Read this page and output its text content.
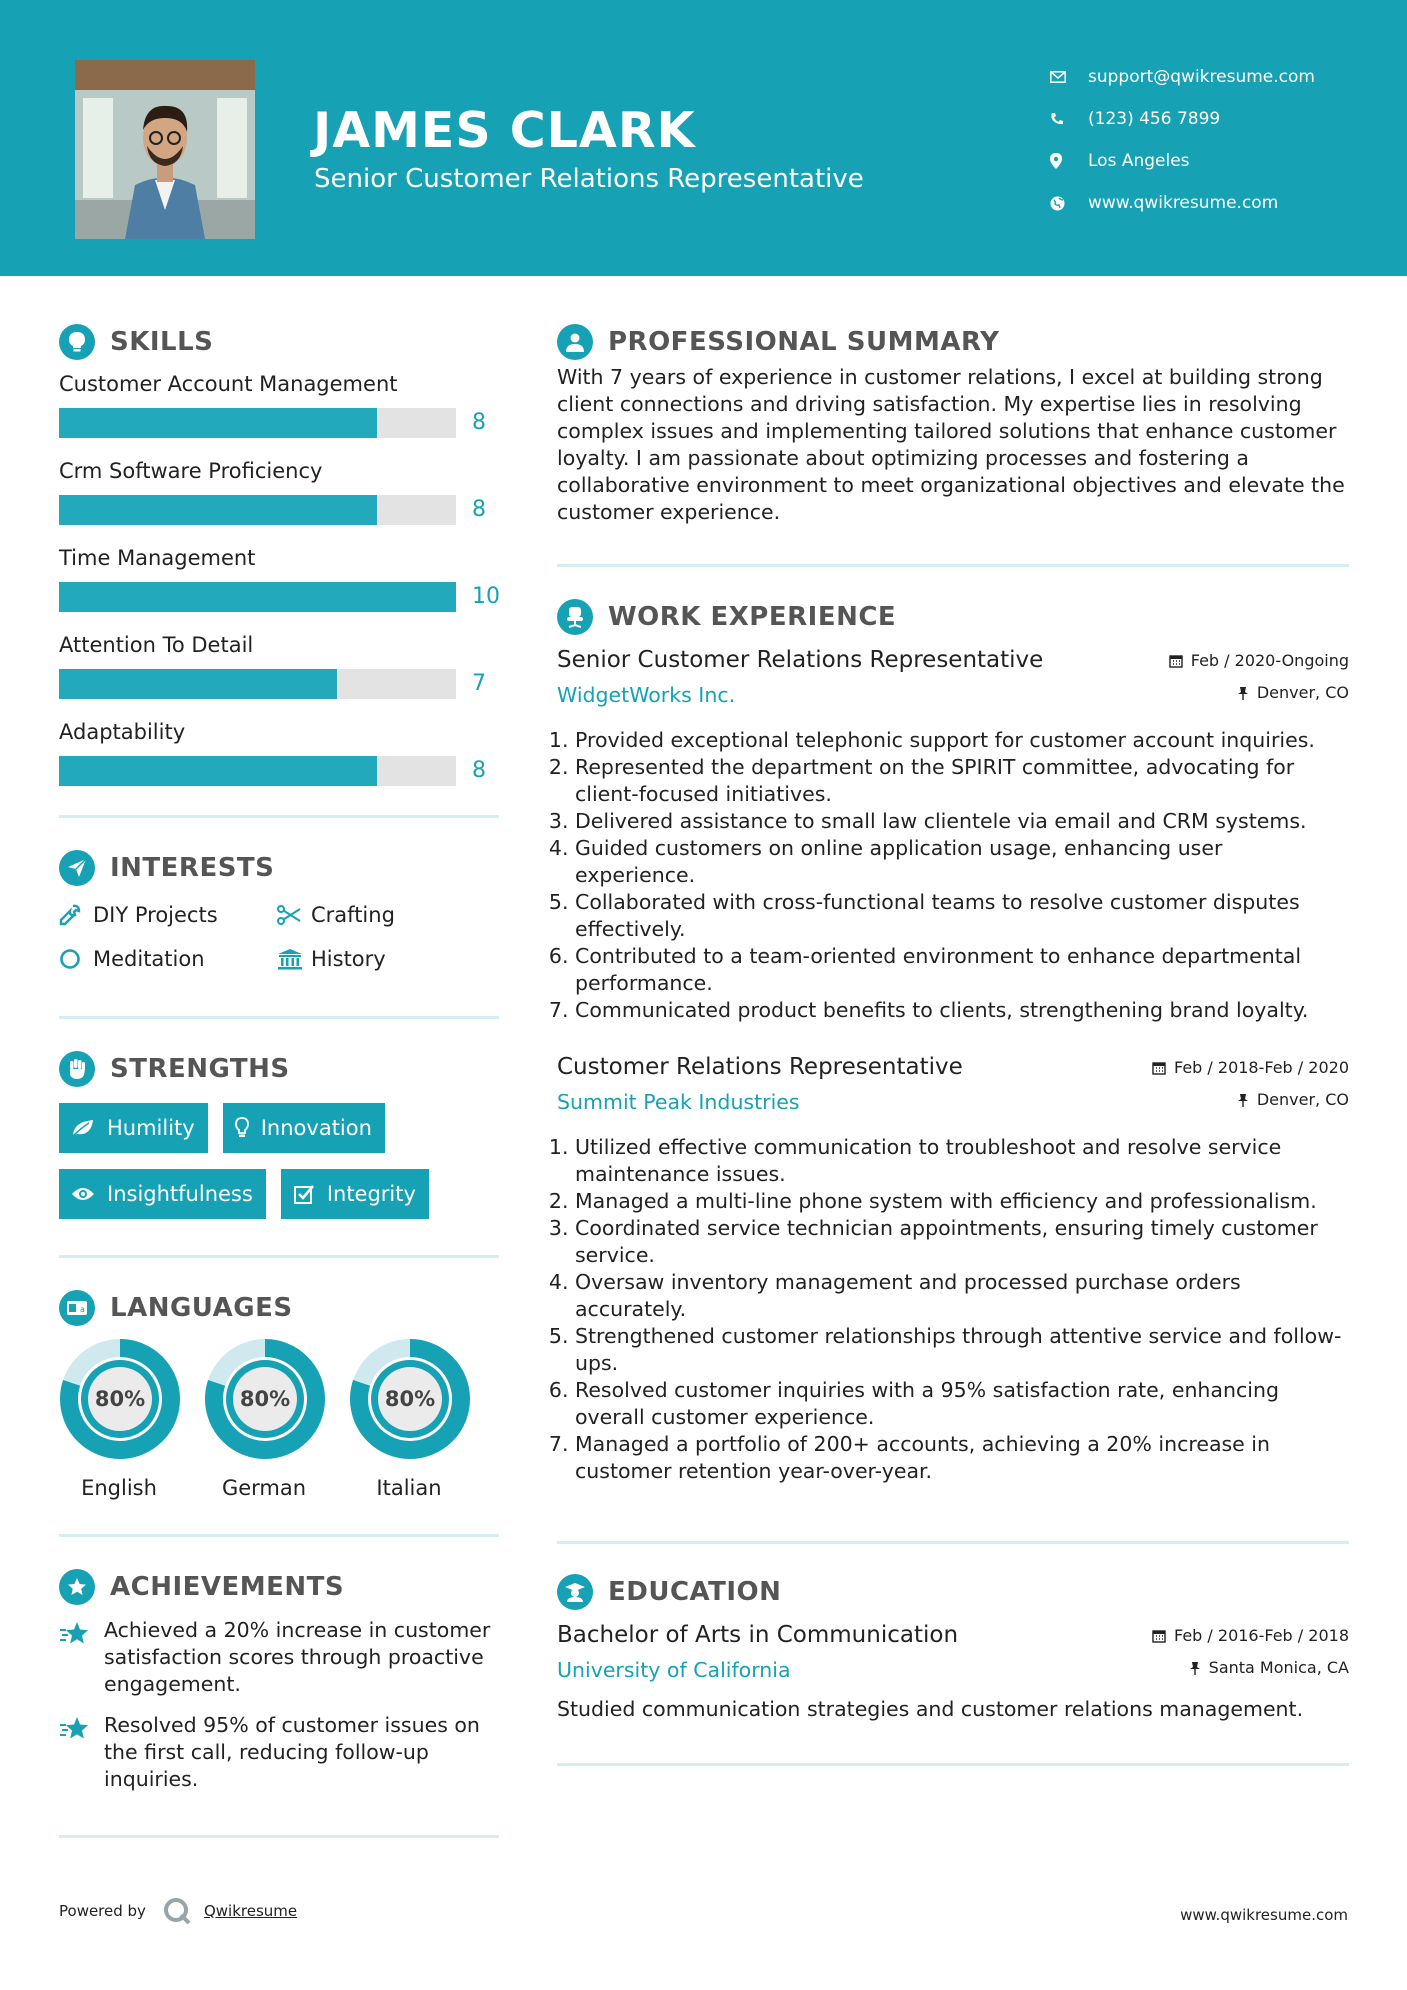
JAMES CLARK
Senior Customer Relations Representative
support@qwikresume.com
(123) 456 7899
Los Angeles
www.qwikresume.com
SKILLS
Customer Account Management
8
Crm Software Proficiency
8
Time Management
10
Attention To Detail
7
Adaptability
8
INTERESTS
DIY Projects	Crafting
Meditation	History
STRENGTHS
Humility	Innovation
Insightfulness	Integrity
a LANGUAGES
80%
English
80%
German
80%
Italian
ACHIEVEMENTS
Achieved a 20% increase in customer satisfaction scores through proactive engagement.
Resolved 95% of customer issues on the first call, reducing follow-up inquiries.
PROFESSIONAL SUMMARY

With 7 years of experience in customer relations, I excel at building strong client connections and driving satisfaction. My expertise lies in resolving complex issues and implementing tailored solutions that enhance customer loyalty. I am passionate about optimizing processes and fostering a collaborative environment to meet organizational objectives and elevate the customer experience.

WORK EXPERIENCE
Senior Customer Relations Representative
WidgetWorks Inc.
Feb / 2020-Ongoing
Denver, CO
1. Provided exceptional telephonic support for customer account inquiries.
2. Represented the department on the SPIRIT committee, advocating for client-focused initiatives.
3. Delivered assistance to small law clientele via email and CRM systems.
4. Guided customers on online application usage, enhancing user experience.
5. Collaborated with cross-functional teams to resolve customer disputes effectively.
6. Contributed to a team-oriented environment to enhance departmental performance.
7. Communicated product benefits to clients, strengthening brand loyalty.
Customer Relations Representative
Summit Peak Industries
Feb / 2018-Feb / 2020
Denver, CO
1. Utilized effective communication to troubleshoot and resolve service maintenance issues.
2. Managed a multi-line phone system with efficiency and professionalism.
3. Coordinated service technician appointments, ensuring timely customer service.
4. Oversaw inventory management and processed purchase orders accurately.
5. Strengthened customer relationships through attentive service and follow-ups.
6. Resolved customer inquiries with a 95% satisfaction rate, enhancing overall customer experience.
7. Managed a portfolio of 200+ accounts, achieving a 20% increase in customer retention year-over-year.
EDUCATION
Bachelor of Arts in Communication
University of California
Feb / 2016-Feb / 2018
Santa Monica, CA

Studied communication strategies and customer relations management.

Powered by	Qwikresume	www.qwikresume.com
